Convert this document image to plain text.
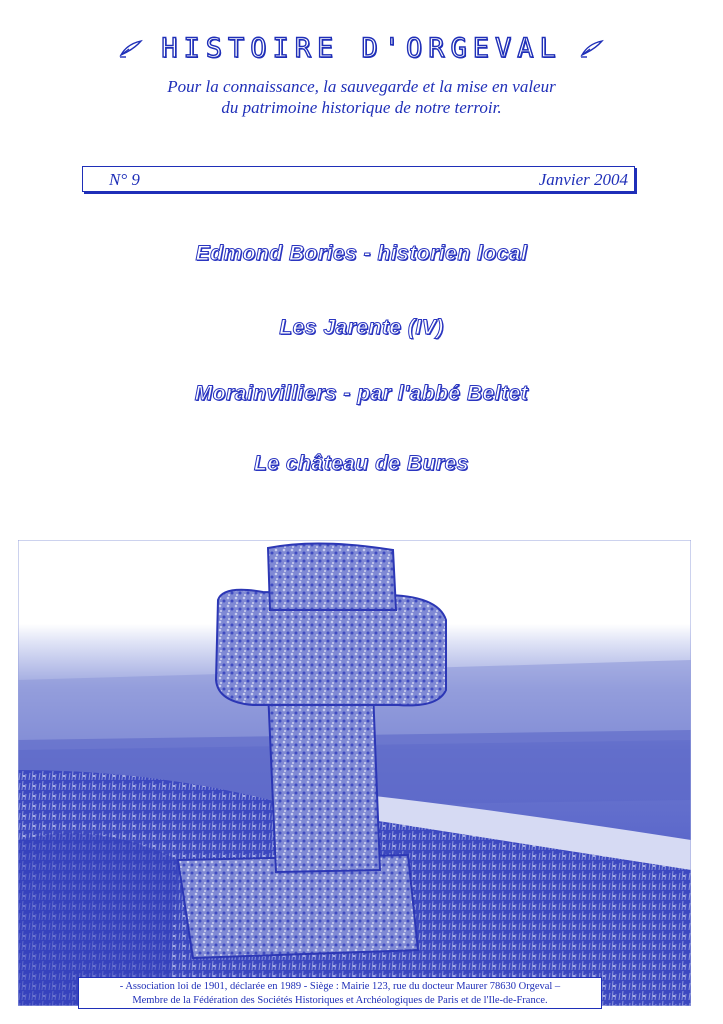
HISTOIRE D'ORGEVAL
Pour la connaissance, la sauvegarde et la mise en valeur
du patrimoine historique de notre terroir.
N° 9	Janvier 2004
Edmond Bories - historien local
Les Jarente (IV)
Morainvilliers - par l'abbé Beltet
Le château de Bures
- Association loi de 1901, déclarée en 1989 - Siège : Mairie 123, rue du docteur Maurer 78630 Orgeval –
Membre de la Fédération des Sociétés Historiques et Archéologiques de Paris et de l'Ile-de-France.
